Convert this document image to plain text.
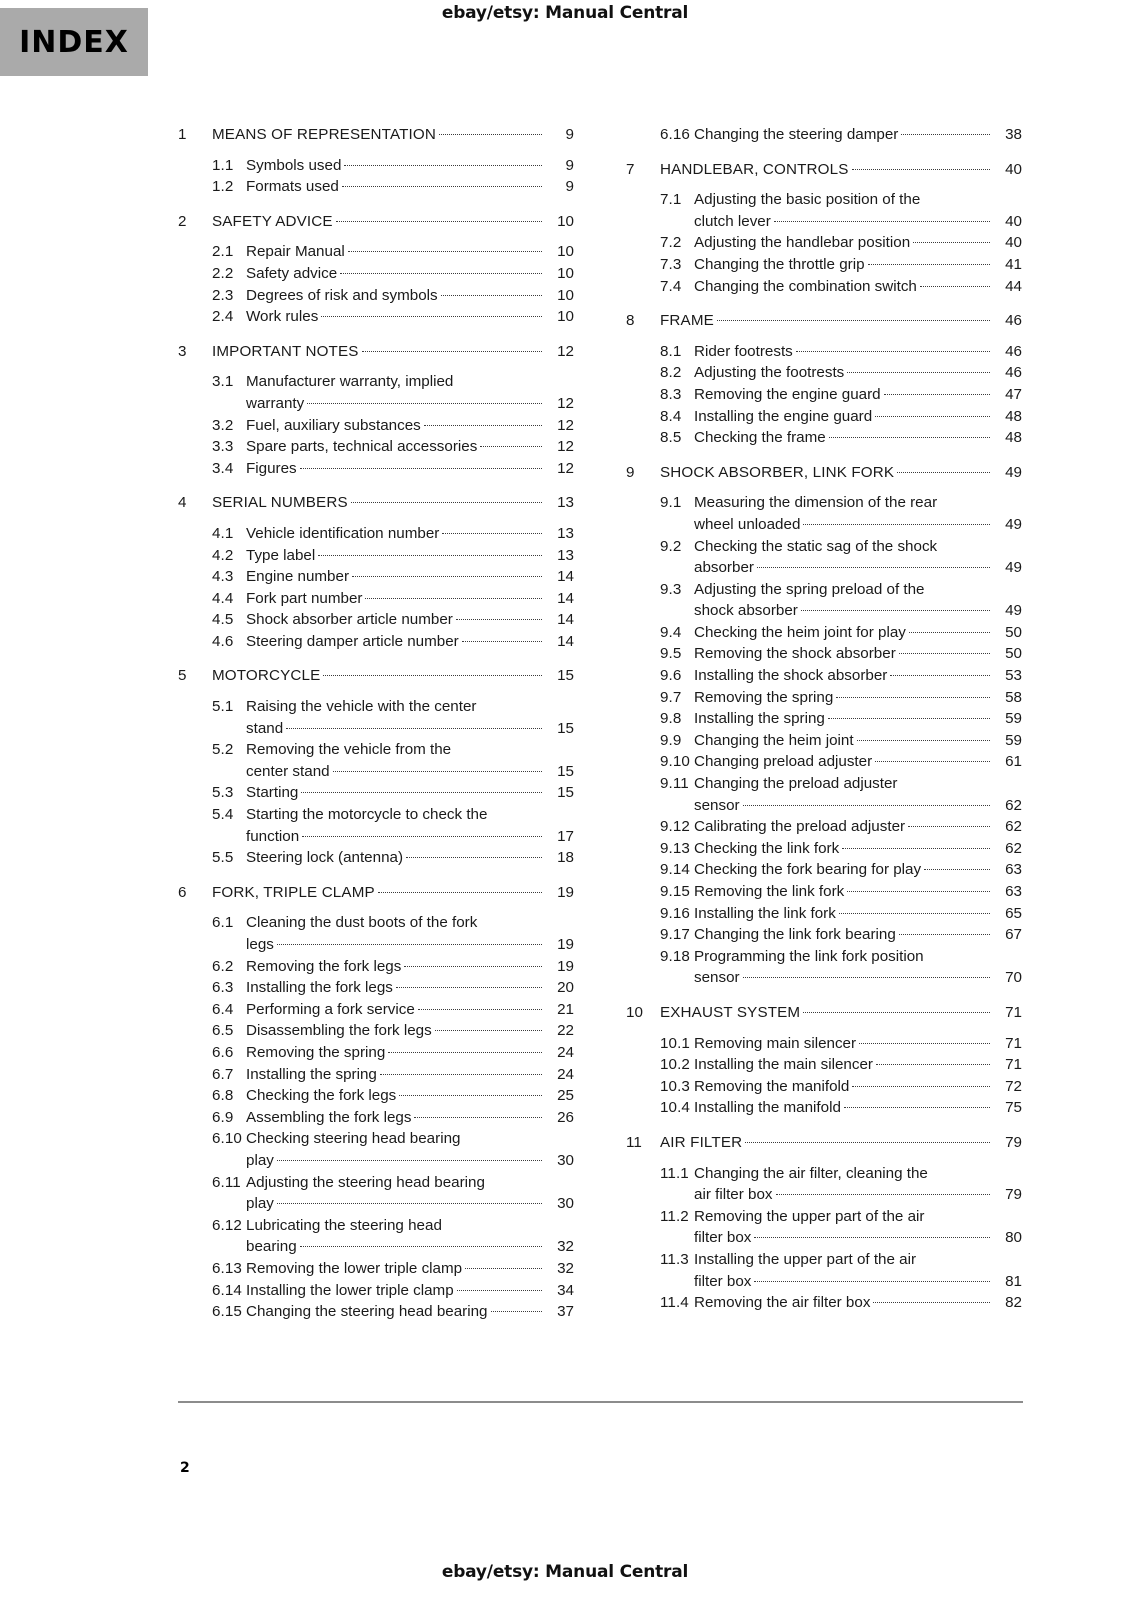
ebay/etsy: Manual Central
INDEX
1	MEANS OF REPRESENTATION	9
1.1 Symbols used	9
1.2 Formats used	9
2	SAFETY ADVICE	10
2.1 Repair Manual	10
2.2 Safety advice	10
2.3 Degrees of risk and symbols	10
2.4 Work rules	10
3	IMPORTANT NOTES	12
3.1 Manufacturer warranty, implied
warranty	12
3.2 Fuel, auxiliary substances	12
3.3 Spare parts, technical accessories	12
3.4 Figures	12
4	SERIAL NUMBERS	13
4.1 Vehicle identification number	13
4.2 Type label	13
4.3 Engine number	14
4.4 Fork part number	14
4.5 Shock absorber article number	14
4.6 Steering damper article number	14
5	MOTORCYCLE	15
5.1 Raising the vehicle with the center
stand	15
5.2 Removing the vehicle from the
center stand	15
5.3 Starting	15
5.4 Starting the motorcycle to check the
function	17
5.5 Steering lock (antenna)	18
6	FORK, TRIPLE CLAMP	19
6.1 Cleaning the dust boots of the fork
legs	19
6.2 Removing the fork legs	19
6.3 Installing the fork legs	20
6.4 Performing a fork service	21
6.5 Disassembling the fork legs	22
6.6 Removing the spring	24
6.7 Installing the spring	24
6.8 Checking the fork legs	25
6.9 Assembling the fork legs	26
6.10 Checking steering head bearing
play	30
6.11 Adjusting the steering head bearing
play	30
6.12 Lubricating the steering head
bearing	32
6.13 Removing the lower triple clamp	32
6.14 Installing the lower triple clamp	34
6.15 Changing the steering head bearing	37
6.16 Changing the steering damper	38
7	HANDLEBAR, CONTROLS	40
7.1 Adjusting the basic position of the
clutch lever	40
7.2 Adjusting the handlebar position	40
7.3 Changing the throttle grip	41
7.4 Changing the combination switch	44
8	FRAME	46
8.1 Rider footrests	46
8.2 Adjusting the footrests	46
8.3 Removing the engine guard	47
8.4 Installing the engine guard	48
8.5 Checking the frame	48
9	SHOCK ABSORBER, LINK FORK	49
9.1 Measuring the dimension of the rear
wheel unloaded	49
9.2 Checking the static sag of the shock
absorber	49
9.3 Adjusting the spring preload of the
shock absorber	49
9.4 Checking the heim joint for play	50
9.5 Removing the shock absorber	50
9.6 Installing the shock absorber	53
9.7 Removing the spring	58
9.8 Installing the spring	59
9.9 Changing the heim joint	59
9.10 Changing preload adjuster	61
9.11 Changing the preload adjuster
sensor	62
9.12 Calibrating the preload adjuster	62
9.13 Checking the link fork	62
9.14 Checking the fork bearing for play	63
9.15 Removing the link fork	63
9.16 Installing the link fork	65
9.17 Changing the link fork bearing	67
9.18 Programming the link fork position
sensor	70
10	EXHAUST SYSTEM	71
10.1 Removing main silencer	71
10.2 Installing the main silencer	71
10.3 Removing the manifold	72
10.4 Installing the manifold	75
11	AIR FILTER	79
11.1 Changing the air filter, cleaning the
air filter box	79
11.2 Removing the upper part of the air
filter box	80
11.3 Installing the upper part of the air
filter box	81
11.4 Removing the air filter box	82
2
ebay/etsy: Manual Central
